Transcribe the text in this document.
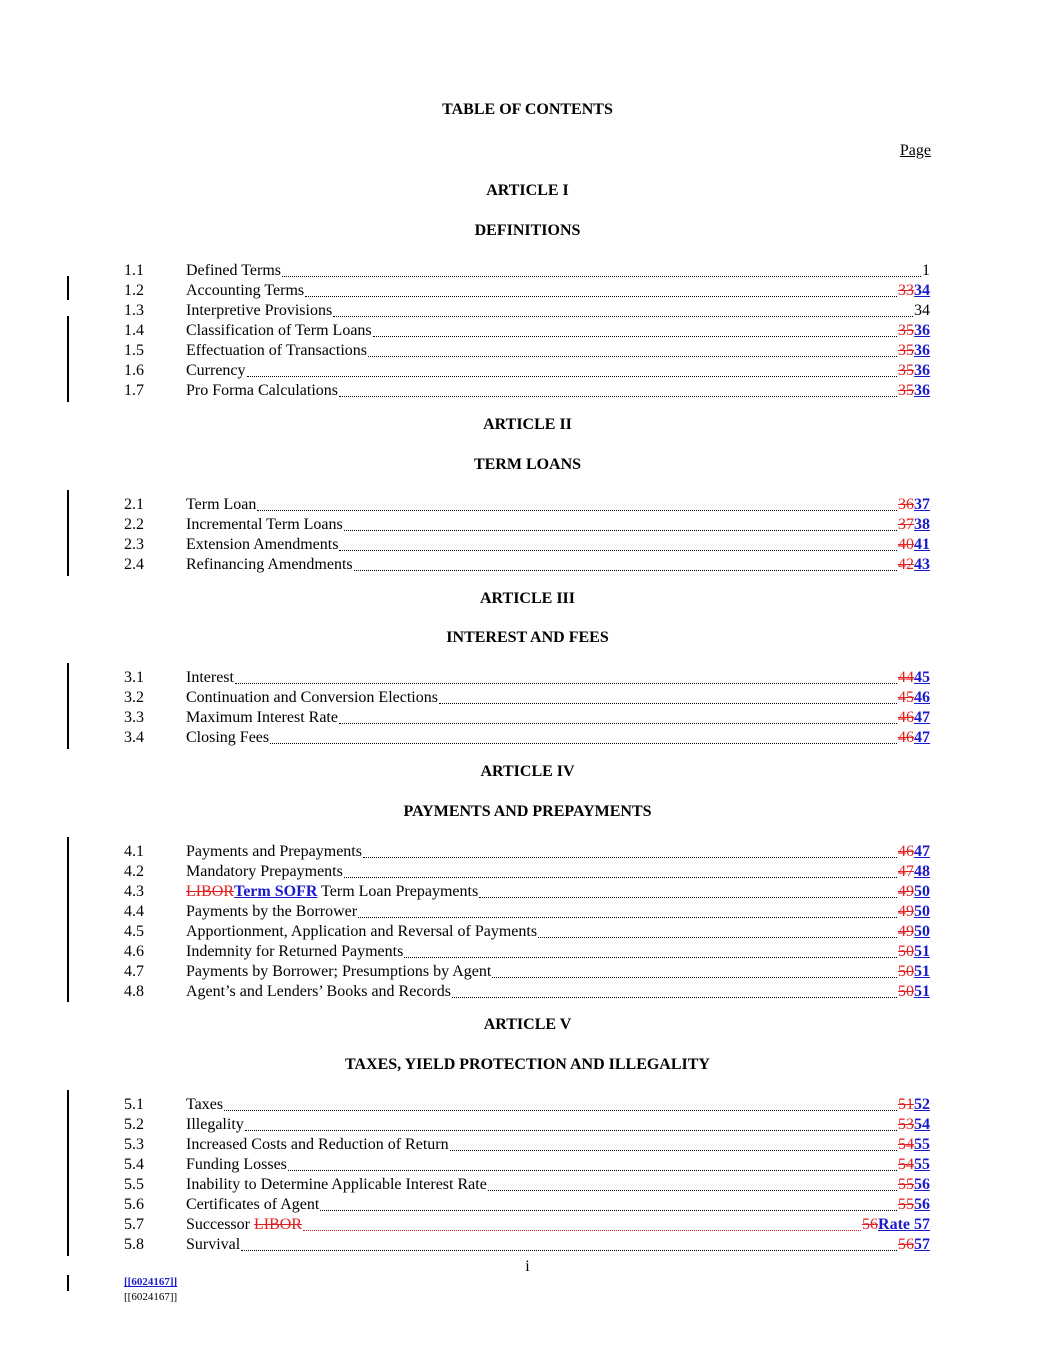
TABLE OF CONTENTS
Page
ARTICLE I
DEFINITIONS
1.1	Defined Terms	1
1.2	Accounting Terms	3334
1.3	Interpretive Provisions	34
1.4	Classification of Term Loans	3536
1.5	Effectuation of Transactions	3536
1.6	Currency	3536
1.7	Pro Forma Calculations	3536
ARTICLE II
TERM LOANS
2.1	Term Loan	3637
2.2	Incremental Term Loans	3738
2.3	Extension Amendments	4041
2.4	Refinancing Amendments	4243
ARTICLE III
INTEREST AND FEES
3.1	Interest	4445
3.2	Continuation and Conversion Elections	4546
3.3	Maximum Interest Rate	4647
3.4	Closing Fees	4647
ARTICLE IV
PAYMENTS AND PREPAYMENTS
4.1	Payments and Prepayments	4647
4.2	Mandatory Prepayments	4748
4.3	LIBORTerm SOFR Term Loan Prepayments	4950
4.4	Payments by the Borrower	4950
4.5	Apportionment, Application and Reversal of Payments	4950
4.6	Indemnity for Returned Payments	5051
4.7	Payments by Borrower; Presumptions by Agent	5051
4.8	Agent’s and Lenders’ Books and Records	5051
ARTICLE V
TAXES, YIELD PROTECTION AND ILLEGALITY
5.1	Taxes	5152
5.2	Illegality	5354
5.3	Increased Costs and Reduction of Return	5455
5.4	Funding Losses	5455
5.5	Inability to Determine Applicable Interest Rate	5556
5.6	Certificates of Agent	5556
5.7	Successor LIBOR	56Rate 57
5.8	Survival	5657
i
[[6024167]]
[[6024167]]
